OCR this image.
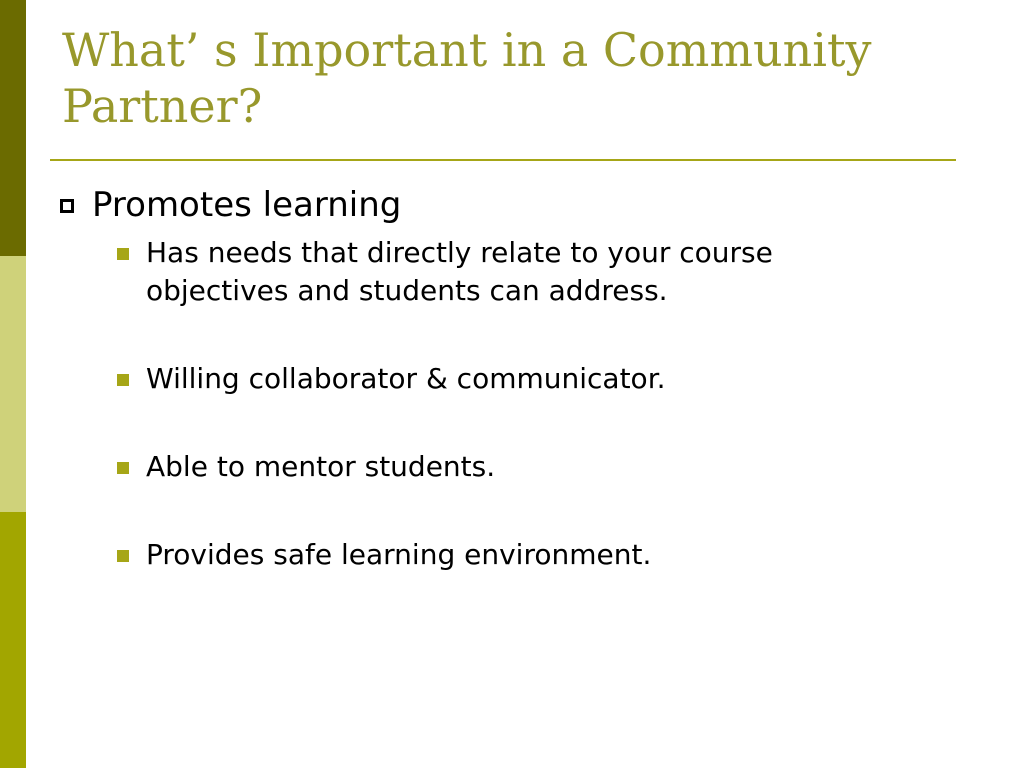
What’ s Important in a Community
Partner?
Promotes learning
Has needs that directly relate to your course
objectives and students can address.
Willing collaborator & communicator.
Able to mentor students.
Provides safe learning environment.
